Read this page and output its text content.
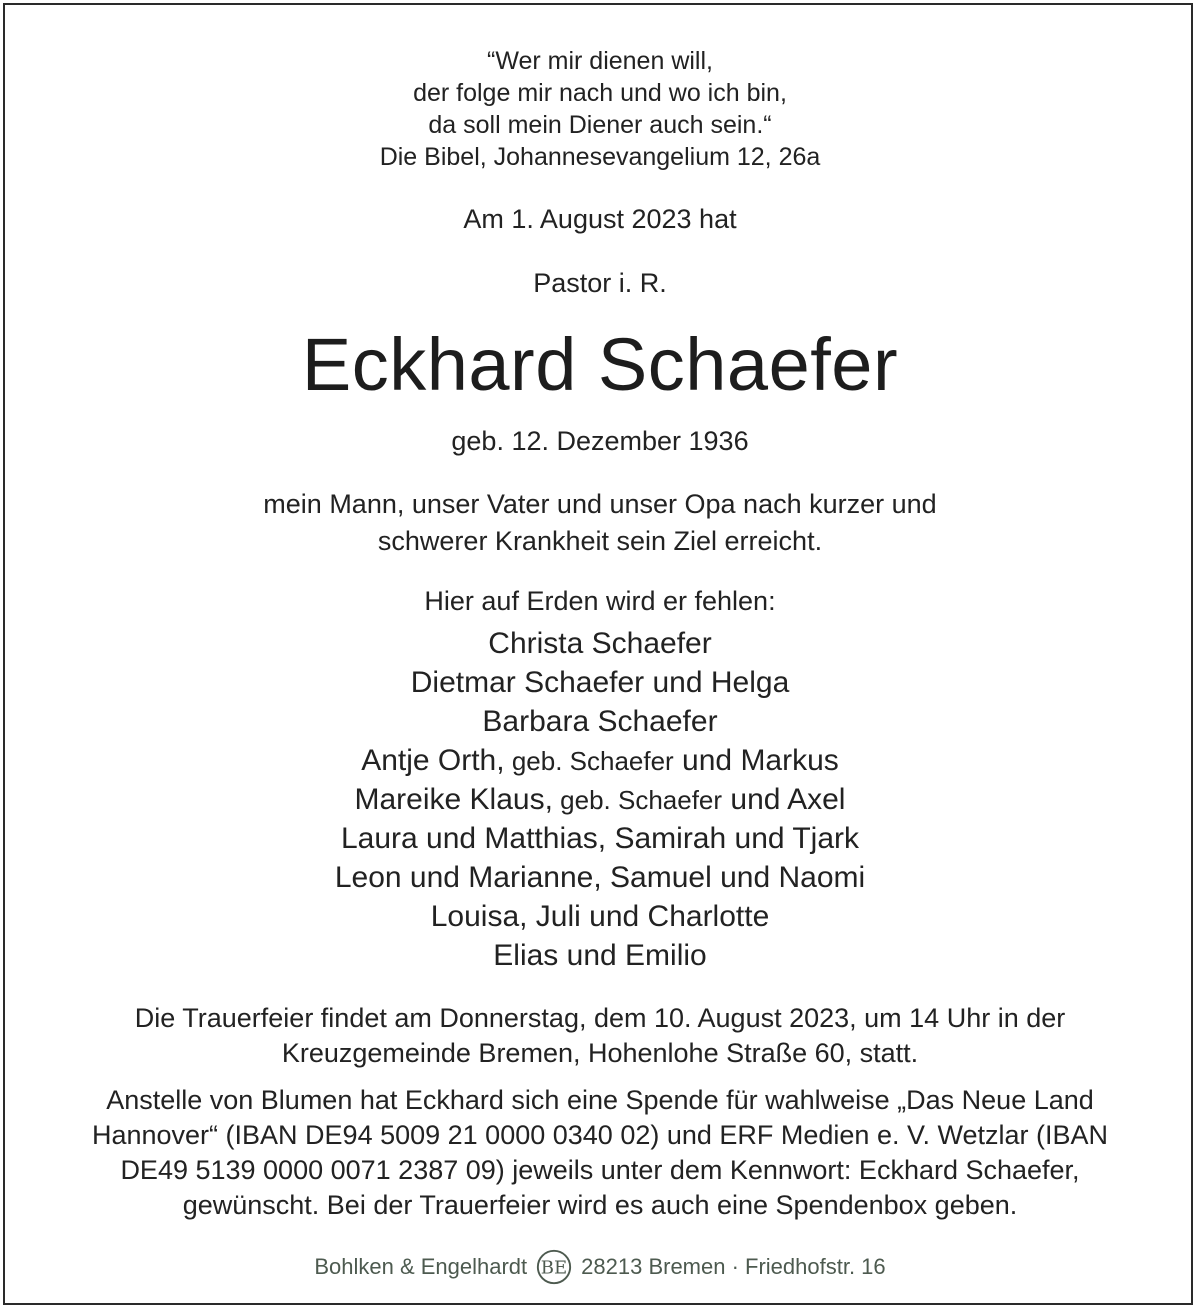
“Wer mir dienen will,
der folge mir nach und wo ich bin,
da soll mein Diener auch sein.“
Die Bibel, Johannesevangelium 12, 26a
Am 1. August 2023 hat
Pastor i. R.
Eckhard Schaefer
geb. 12. Dezember 1936
mein Mann, unser Vater und unser Opa nach kurzer und
schwerer Krankheit sein Ziel erreicht.
Hier auf Erden wird er fehlen:
Christa Schaefer
Dietmar Schaefer und Helga
Barbara Schaefer
Antje Orth, geb. Schaefer und Markus
Mareike Klaus, geb. Schaefer und Axel
Laura und Matthias, Samirah und Tjark
Leon und Marianne, Samuel und Naomi
Louisa, Juli und Charlotte
Elias und Emilio
Die Trauerfeier findet am Donnerstag, dem 10. August 2023, um 14 Uhr in der
Kreuzgemeinde Bremen, Hohenlohe Straße 60, statt.
Anstelle von Blumen hat Eckhard sich eine Spende für wahlweise „Das Neue Land
Hannover“ (IBAN DE94 5009 21 0000 0340 02) und ERF Medien e. V. Wetzlar (IBAN
DE49 5139 0000 0071 2387 09) jeweils unter dem Kennwort: Eckhard Schaefer,
gewünscht. Bei der Trauerfeier wird es auch eine Spendenbox geben.
Bohlken & Engelhardt BE 28213 Bremen · Friedhofstr. 16
